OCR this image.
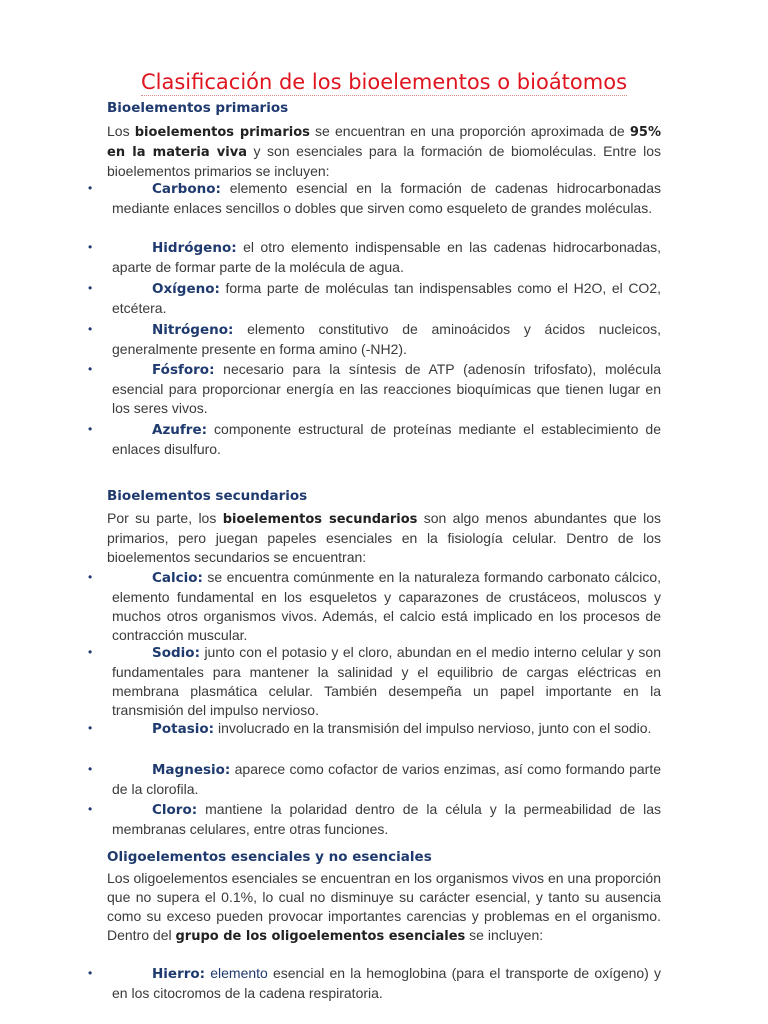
Clasificación de los bioelementos o bioátomos
Bioelementos primarios
Los bioelementos primarios se encuentran en una proporción aproximada de 95% en la materia viva y son esenciales para la formación de biomoléculas. Entre los bioelementos primarios se incluyen:
•	Carbono: elemento esencial en la formación de cadenas hidrocarbonadas mediante enlaces sencillos o dobles que sirven como esqueleto de grandes moléculas.
•	Hidrógeno: el otro elemento indispensable en las cadenas hidrocarbonadas, aparte de formar parte de la molécula de agua.
•	Oxígeno: forma parte de moléculas tan indispensables como el H2O, el CO2, etcétera.
•	Nitrógeno: elemento constitutivo de aminoácidos y ácidos nucleicos, generalmente presente en forma amino (-NH2).
•	Fósforo: necesario para la síntesis de ATP (adenosín trifosfato), molécula esencial para proporcionar energía en las reacciones bioquímicas que tienen lugar en los seres vivos.
•	Azufre: componente estructural de proteínas mediante el establecimiento de enlaces disulfuro.
Bioelementos secundarios
Por su parte, los bioelementos secundarios son algo menos abundantes que los primarios, pero juegan papeles esenciales en la fisiología celular. Dentro de los bioelementos secundarios se encuentran:
•	Calcio: se encuentra comúnmente en la naturaleza formando carbonato cálcico, elemento fundamental en los esqueletos y caparazones de crustáceos, moluscos y muchos otros organismos vivos. Además, el calcio está implicado en los procesos de contracción muscular.
•	Sodio: junto con el potasio y el cloro, abundan en el medio interno celular y son fundamentales para mantener la salinidad y el equilibrio de cargas eléctricas en membrana plasmática celular. También desempeña un papel importante en la transmisión del impulso nervioso.
•	Potasio: involucrado en la transmisión del impulso nervioso, junto con el sodio.
•	Magnesio: aparece como cofactor de varios enzimas, así como formando parte de la clorofila.
•	Cloro: mantiene la polaridad dentro de la célula y la permeabilidad de las membranas celulares, entre otras funciones.
Oligoelementos esenciales y no esenciales
Los oligoelementos esenciales se encuentran en los organismos vivos en una proporción que no supera el 0.1%, lo cual no disminuye su carácter esencial, y tanto su ausencia como su exceso pueden provocar importantes carencias y problemas en el organismo. Dentro del grupo de los oligoelementos esenciales se incluyen:
•	Hierro: elemento esencial en la hemoglobina (para el transporte de oxígeno) y en los citocromos de la cadena respiratoria.
